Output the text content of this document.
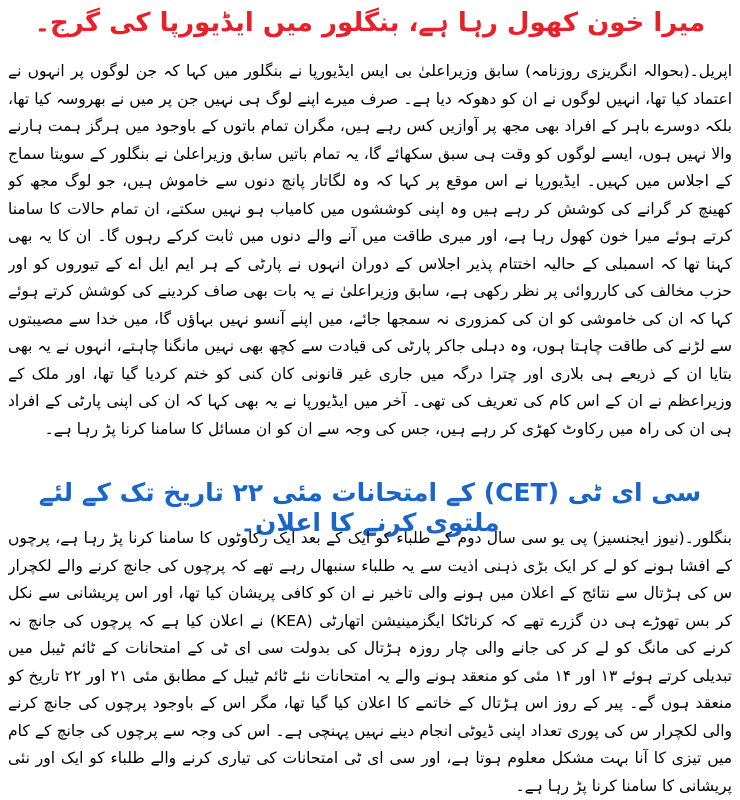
میرا خون کھول رہا ہے، بنگلور میں ایڈیورپا کی گرج۔

اپریل۔(بحوالہ انگریزی روزنامہ) سابق وزیراعلیٰ بی ایس ایڈیورپا نے بنگلور میں کہا کہ جن لوگوں پر انہوں نے اعتماد کیا تھا، انہیں لوگوں نے ان کو دھوکہ دیا ہے۔ صرف میرے اپنے لوگ ہی نہیں جن پر میں نے بھروسہ کیا تھا، بلکہ دوسرے باہر کے افراد بھی مجھ پر آوازیں کس رہے ہیں، مگران تمام باتوں کے باوجود میں ہرگز ہمت ہارنے والا نہیں ہوں، ایسے لوگوں کو وقت ہی سبق سکھائے گا، یہ تمام باتیں سابق وزیراعلیٰ نے بنگلور کے سویتا سماج کے اجلاس میں کہیں۔ ایڈیورپا نے اس موقع پر کہا کہ وہ لگاتار پانچ دنوں سے خاموش ہیں، جو لوگ مجھ کو کھینچ کر گرانے کی کوشش کر رہے ہیں وہ اپنی کوششوں میں کامیاب ہو نہیں سکتے، ان تمام حالات کا سامنا کرتے ہوئے میرا خون کھول رہا ہے، اور میری طاقت میں آنے والے دنوں میں ثابت کرکے رہوں گا۔ ان کا یہ بھی کہنا تھا کہ اسمبلی کے حالیہ اختتام پذیر اجلاس کے دوران انہوں نے پارٹی کے ہر ایم ایل اے کے تیوروں کو اور حزب مخالف کی کارروائی پر نظر رکھی ہے، سابق وزیراعلیٰ نے یہ بات بھی صاف کردینے کی کوشش کرتے ہوئے کہا کہ ان کی خاموشی کو ان کی کمزوری نہ سمجھا جائے، میں اپنے آنسو نہیں بہاؤں گا، میں خدا سے مصیبتوں سے لڑنے کی طاقت چاہتا ہوں، وہ دہلی جاکر پارٹی کی قیادت سے کچھ بھی نہیں مانگنا چاہتے، انہوں نے یہ بھی بتایا ان کے ذریعے ہی بلاری اور چترا درگہ میں جاری غیر قانونی کان کنی کو ختم کردیا گیا تھا، اور ملک کے وزیراعظم نے ان کے اس کام کی تعریف کی تھی۔ آخر میں ایڈیورپا نے یہ بھی کہا کہ ان کی اپنی پارٹی کے افراد ہی ان کی راہ میں رکاوٹ کھڑی کر رہے ہیں، جس کی وجہ سے ان کو ان مسائل کا سامنا کرنا پڑ رہا ہے۔

سی ای ٹی (CET) کے امتحانات مئی ۲۲ تاریخ تک کے لئے ملتوی کرنے کا اعلان۔

بنگلور۔(نیوز ایجنسیز) پی یو سی سال دوم کے طلباء کو ایک کے بعد ایک رکاوٹوں کا سامنا کرنا پڑ رہا ہے، پرچوں کے افشا ہونے کو لے کر ایک بڑی ذہنی اذیت سے یہ طلباء سنبھال رہے تھے کہ پرچوں کی جانچ کرنے والے لکچرار س کی ہڑتال سے نتائج کے اعلان میں ہونے والی تاخیر نے ان کو کافی پریشان کیا تھا، اور اس پریشانی سے نکل کر بس تھوڑے ہی دن گزرے تھے کہ کرناٹکا ایگزمینیشن اتھارٹی (KEA) نے اعلان کیا ہے کہ پرچوں کی جانچ نہ کرنے کی مانگ کو لے کر کی جانے والی چار روزہ ہڑتال کی بدولت سی ای ٹی کے امتحانات کے ٹائم ٹیبل میں تبدیلی کرتے ہوئے ۱۳ اور ۱۴ مئی کو منعقد ہونے والے یہ امتحانات نئے ٹائم ٹیبل کے مطابق مئی ۲۱ اور ۲۲ تاریخ کو منعقد ہوں گے۔ پیر کے روز اس ہڑتال کے خاتمے کا اعلان کیا گیا تھا، مگر اس کے باوجود پرچوں کی جانچ کرنے والی لکچرار س کی پوری تعداد اپنی ڈیوٹی انجام دینے نہیں پہنچی ہے۔ اس کی وجہ سے پرچوں کی جانچ کے کام میں تیزی کا آنا بہت مشکل معلوم ہوتا ہے، اور سی ای ٹی امتحانات کی تیاری کرنے والے طلباء کو ایک اور نئی پریشانی کا سامنا کرنا پڑ رہا ہے۔
